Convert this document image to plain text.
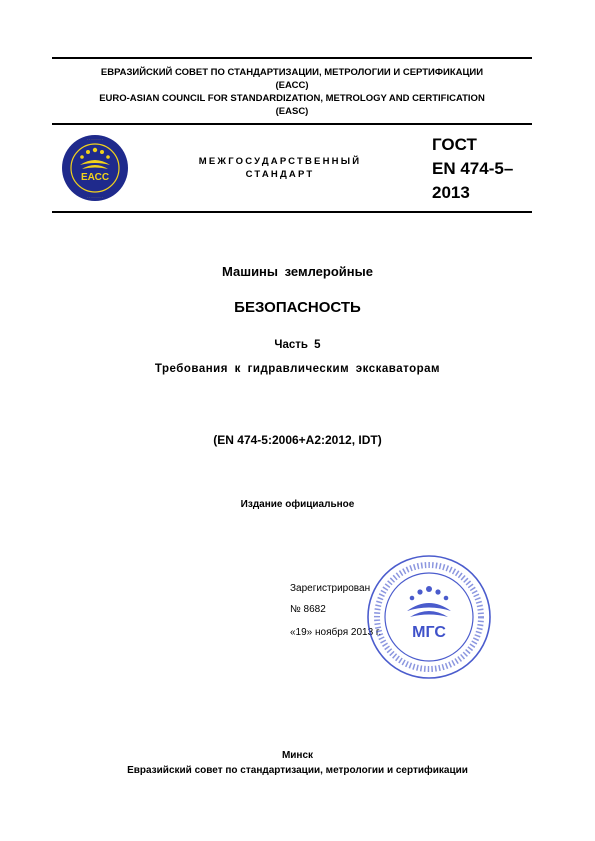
ЕВРАЗИЙСКИЙ СОВЕТ ПО СТАНДАРТИЗАЦИИ, МЕТРОЛОГИИ И СЕРТИФИКАЦИИ
(ЕАСС)
EURO-ASIAN COUNCIL FOR STANDARDIZATION, METROLOGY AND CERTIFICATION
(EASC)
· · · · · · · ·
· · · · · · · ·
ЕАСС
МЕЖГОСУДАРСТВЕННЫЙ
СТАНДАРТ
ГОСТ
EN 474-5–
2013
Машины землеройные
БЕЗОПАСНОСТЬ
Часть 5
Требования к гидравлическим экскаваторам
(EN 474-5:2006+A2:2012, IDT)
Издание официальное
Зарегистрирован
№ 8682
«19» ноября 2013 г. МГС
Минск
Евразийский совет по стандартизации, метрологии и сертификации
